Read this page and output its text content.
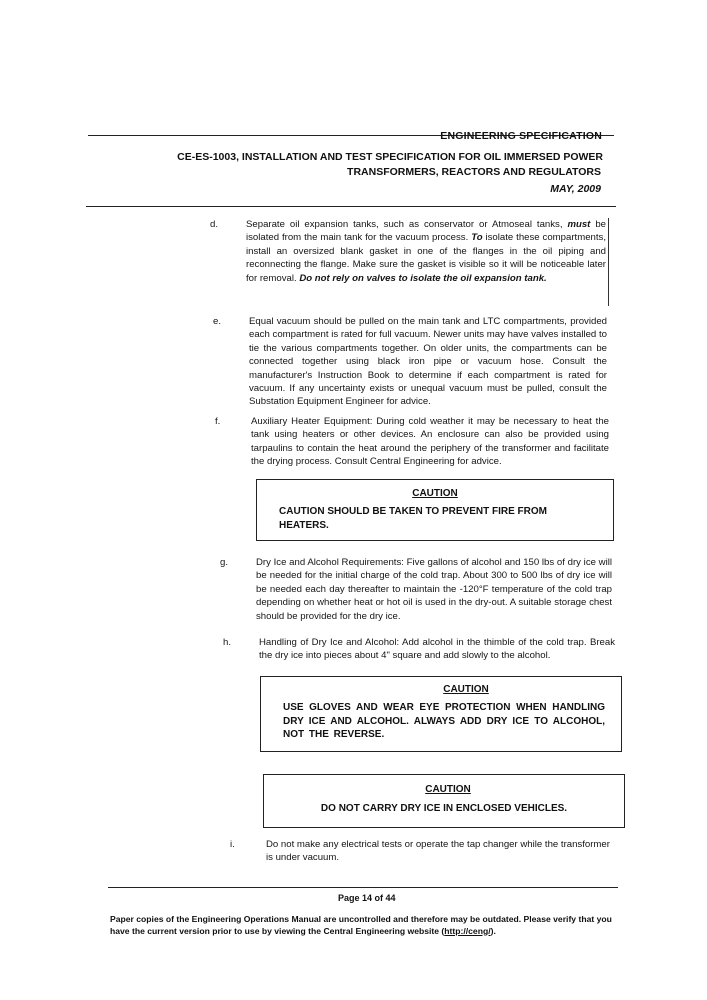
ENGINEERING SPECIFICATION
CE-ES-1003, INSTALLATION AND TEST SPECIFICATION FOR OIL IMMERSED POWER
TRANSFORMERS, REACTORS AND REGULATORS
MAY, 2009
d.	Separate oil expansion tanks, such as conservator or Atmoseal tanks, must be isolated from the main tank for the vacuum process. To isolate these compartments, install an oversized blank gasket in one of the flanges in the oil piping and reconnecting the flange. Make sure the gasket is visible so it will be noticeable later for removal. Do not rely on valves to isolate the oil expansion tank.
e.	Equal vacuum should be pulled on the main tank and LTC compartments, provided each compartment is rated for full vacuum. Newer units may have valves installed to tie the various compartments together. On older units, the compartments can be connected together using black iron pipe or vacuum hose. Consult the manufacturer's Instruction Book to determine if each compartment is rated for vacuum. If any uncertainty exists or unequal vacuum must be pulled, consult the Substation Equipment Engineer for advice.
f.	Auxiliary Heater Equipment: During cold weather it may be necessary to heat the tank using heaters or other devices. An enclosure can also be provided using tarpaulins to contain the heat around the periphery of the transformer and facilitate the drying process. Consult Central Engineering for advice.
CAUTION
CAUTION SHOULD BE TAKEN TO PREVENT FIRE FROM HEATERS.
g.	Dry Ice and Alcohol Requirements: Five gallons of alcohol and 150 lbs of dry ice will be needed for the initial charge of the cold trap. About 300 to 500 lbs of dry ice will be needed each day thereafter to maintain the -120°F temperature of the cold trap depending on whether heat or hot oil is used in the dry-out. A suitable storage chest should be provided for the dry ice.
h.	Handling of Dry Ice and Alcohol: Add alcohol in the thimble of the cold trap. Break the dry ice into pieces about 4" square and add slowly to the alcohol.
CAUTION
USE GLOVES AND WEAR EYE PROTECTION WHEN HANDLING DRY ICE AND ALCOHOL. ALWAYS ADD DRY ICE TO ALCOHOL, NOT THE REVERSE.
CAUTION
DO NOT CARRY DRY ICE IN ENCLOSED VEHICLES.
i.	Do not make any electrical tests or operate the tap changer while the transformer is under vacuum.
Page 14 of 44
Paper copies of the Engineering Operations Manual are uncontrolled and therefore may be outdated. Please verify that you have the current version prior to use by viewing the Central Engineering website (http://ceng/).
